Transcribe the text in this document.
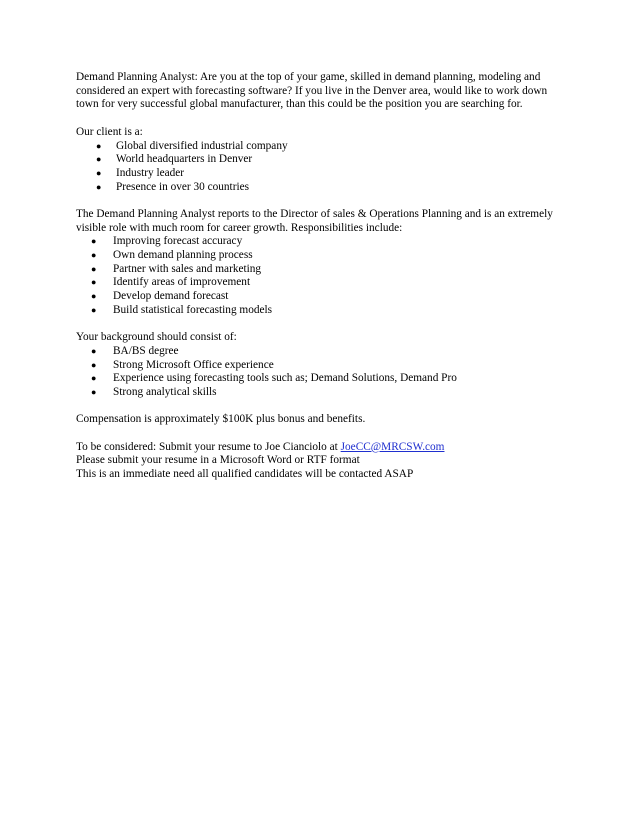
Demand Planning Analyst: Are you at the top of your game, skilled in demand planning, modeling and

considered an expert with forecasting software? If you live in the Denver area, would like to work down

town for very successful global manufacturer, than this could be the position you are searching for.

Our client is a:

● Global diversified industrial company
● World headquarters in Denver
● Industry leader
● Presence in over 30 countries

The Demand Planning Analyst reports to the Director of sales & Operations Planning and is an extremely

visible role with much room for career growth. Responsibilities include:

● Improving forecast accuracy
● Own demand planning process
● Partner with sales and marketing
● Identify areas of improvement
● Develop demand forecast
● Build statistical forecasting models

Your background should consist of:

● BA/BS degree
● Strong Microsoft Office experience
● Experience using forecasting tools such as; Demand Solutions, Demand Pro
● Strong analytical skills

Compensation is approximately $100K plus bonus and benefits.

To be considered: Submit your resume to Joe Cianciolo at JoeCC@MRCSW.com

Please submit your resume in a Microsoft Word or RTF format

This is an immediate need all qualified candidates will be contacted ASAP
